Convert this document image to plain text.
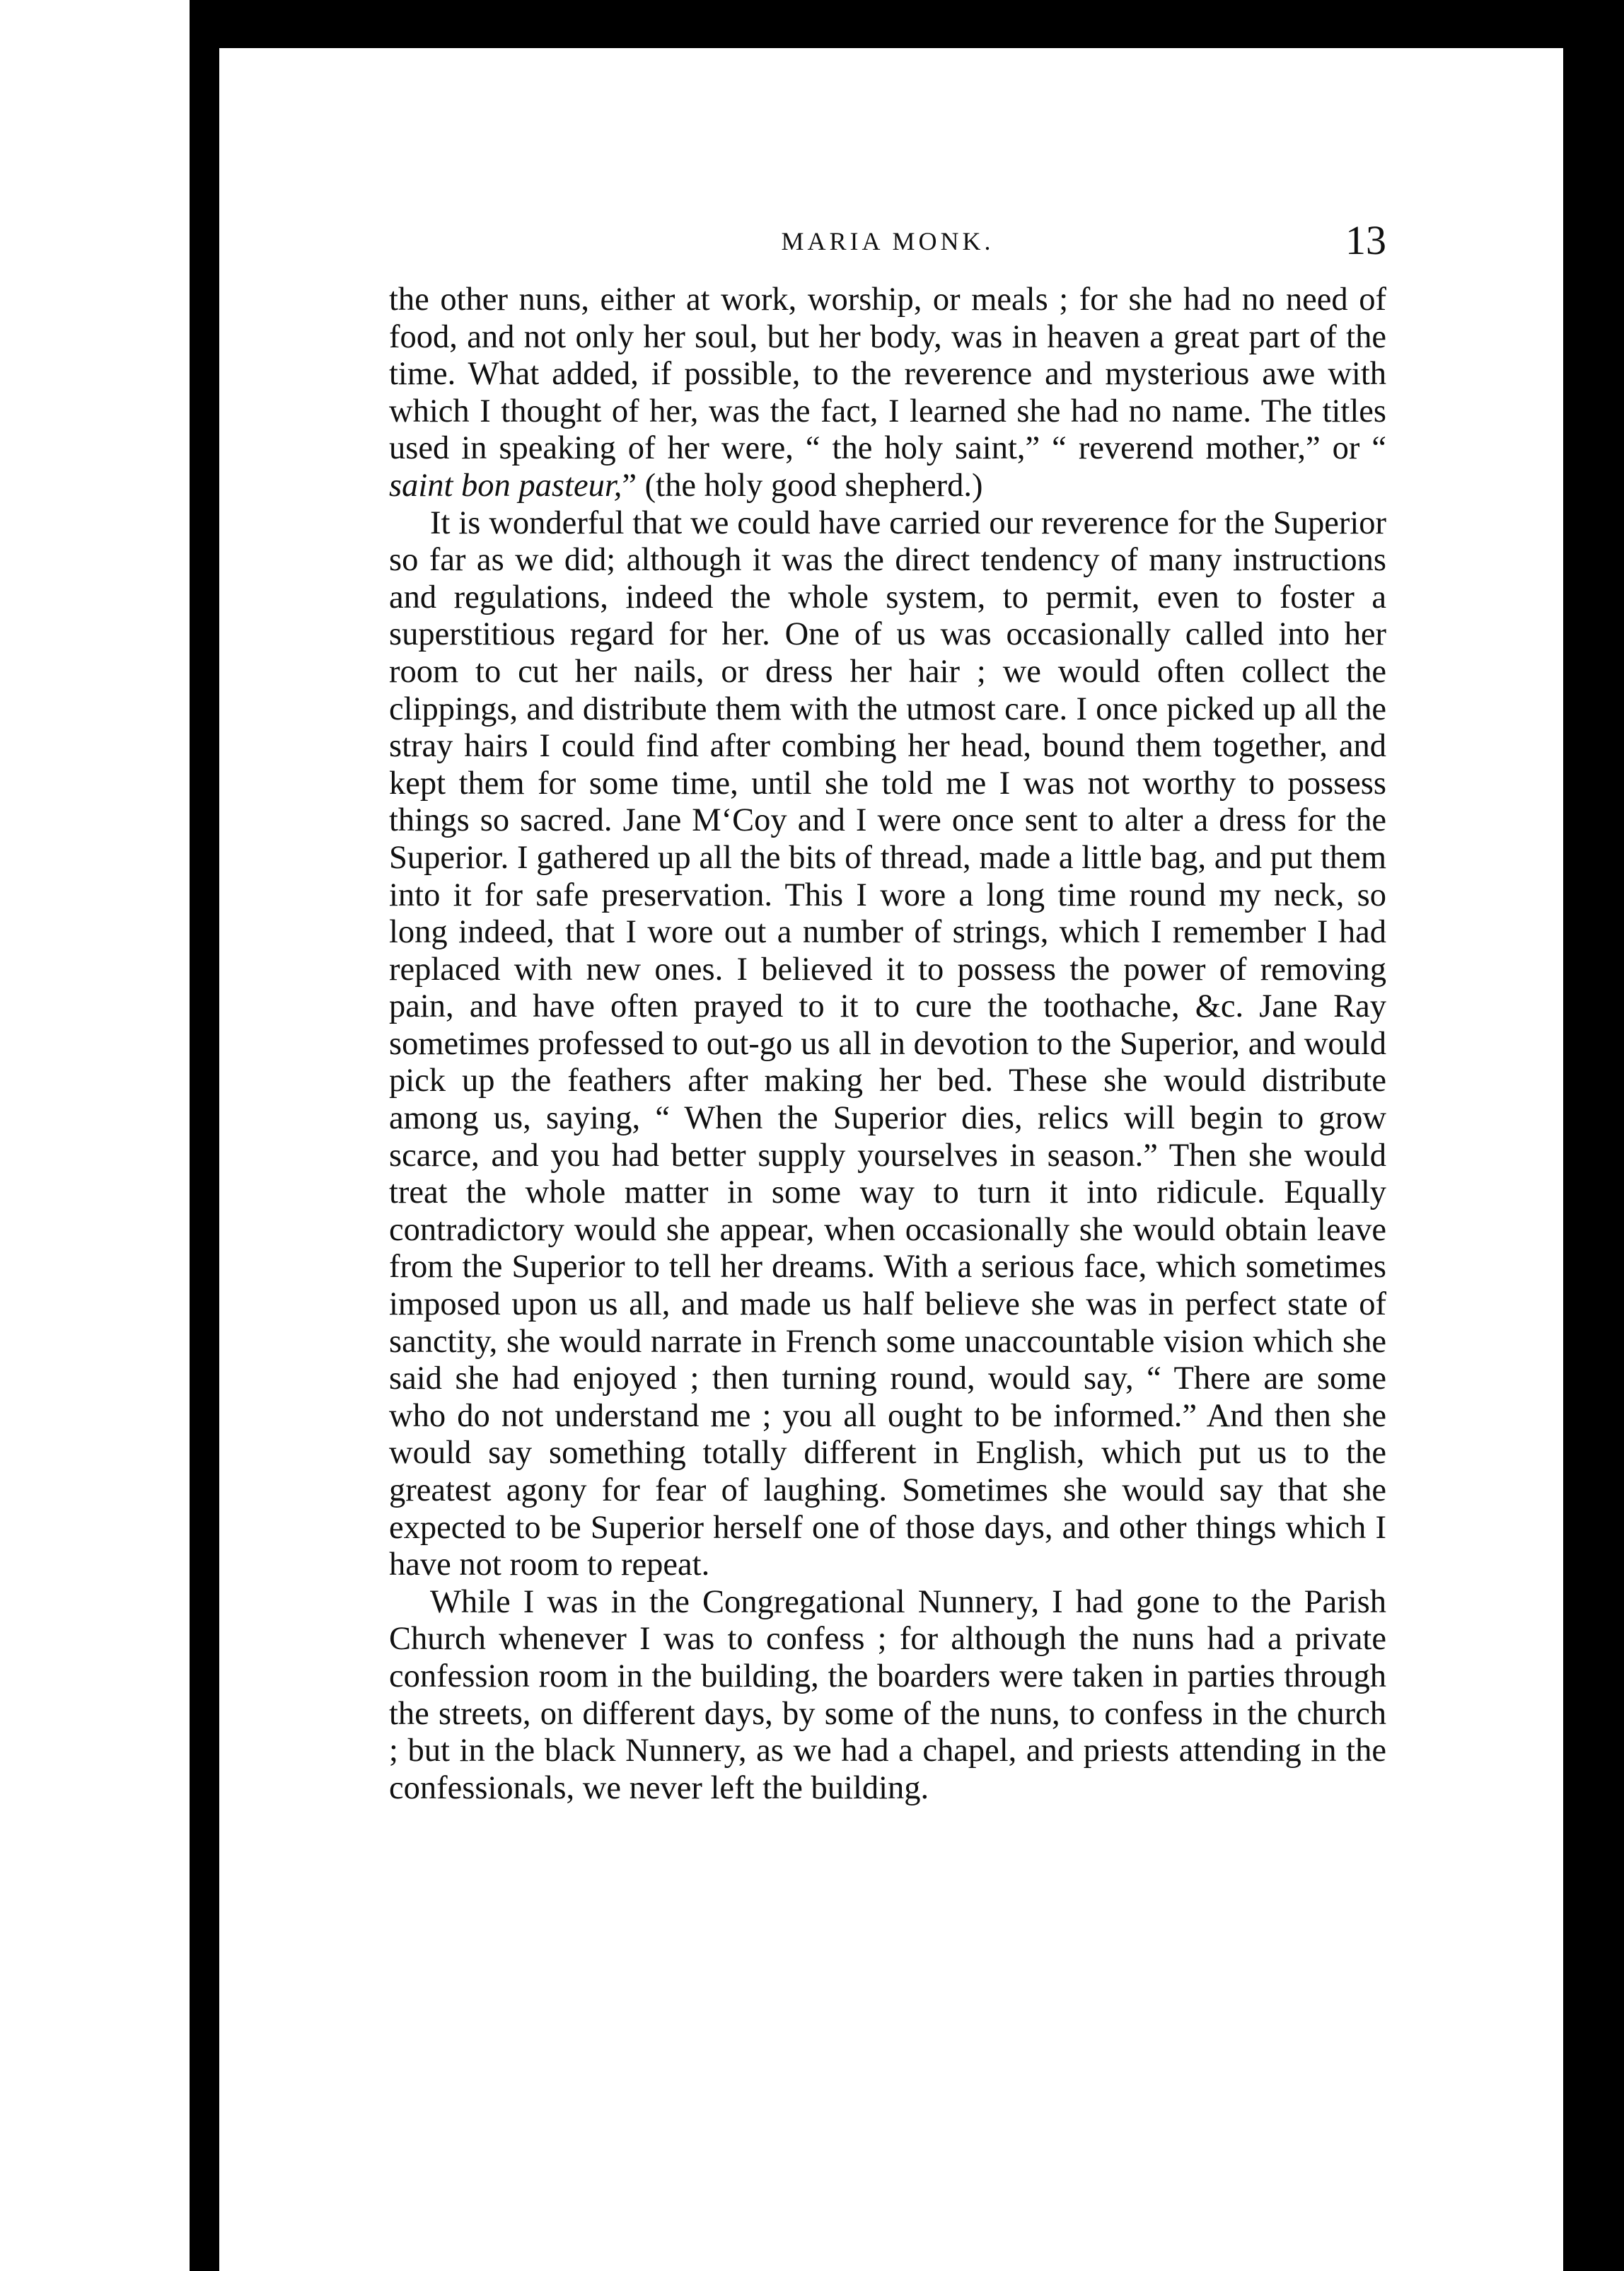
MARIA MONK.	13

the other nuns, either at work, worship, or meals ; for she had no need of food, and not only her soul, but her body, was in heaven a great part of the time. What added, if possible, to the reverence and mysterious awe with which I thought of her, was the fact, I learned she had no name. The titles used in speaking of her were, “ the holy saint,” “ reverend mother,” or “ saint bon pasteur,” (the holy good shepherd.)

It is wonderful that we could have carried our reverence for the Superior so far as we did; although it was the direct tendency of many instructions and regulations, indeed the whole system, to permit, even to foster a superstitious regard for her. One of us was occasionally called into her room to cut her nails, or dress her hair ; we would often collect the clippings, and distribute them with the utmost care. I once picked up all the stray hairs I could find after combing her head, bound them together, and kept them for some time, until she told me I was not worthy to possess things so sacred. Jane M‘Coy and I were once sent to alter a dress for the Superior. I gathered up all the bits of thread, made a little bag, and put them into it for safe preservation. This I wore a long time round my neck, so long indeed, that I wore out a number of strings, which I remember I had replaced with new ones. I believed it to possess the power of removing pain, and have often prayed to it to cure the toothache, &c. Jane Ray sometimes professed to out-go us all in devotion to the Superior, and would pick up the feathers after making her bed. These she would distribute among us, saying, “ When the Superior dies, relics will begin to grow scarce, and you had better supply yourselves in season.” Then she would treat the whole matter in some way to turn it into ridicule. Equally contradictory would she appear, when occasionally she would obtain leave from the Superior to tell her dreams. With a serious face, which sometimes imposed upon us all, and made us half believe she was in perfect state of sanctity, she would narrate in French some unaccountable vision which she said she had enjoyed ; then turning round, would say, “ There are some who do not understand me ; you all ought to be informed.” And then she would say something totally different in English, which put us to the greatest agony for fear of laughing. Sometimes she would say that she expected to be Superior herself one of those days, and other things which I have not room to repeat.

While I was in the Congregational Nunnery, I had gone to the Parish Church whenever I was to confess ; for although the nuns had a private confession room in the building, the boarders were taken in parties through the streets, on different days, by some of the nuns, to confess in the church ; but in the black Nunnery, as we had a chapel, and priests attending in the confessionals, we never left the building.
